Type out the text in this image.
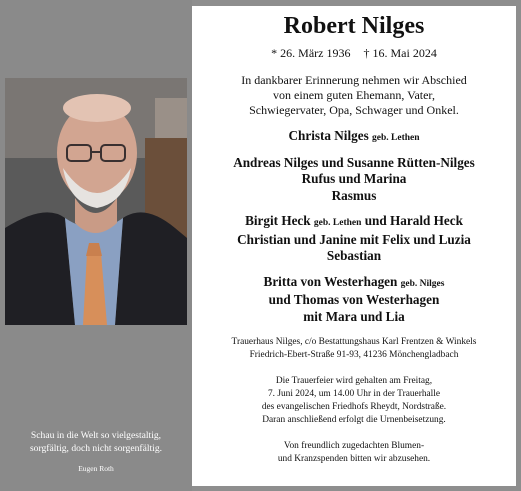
Schau in die Welt so vielgestaltig,
sorgfältig, doch nicht sorgenfältig.
Eugen Roth
Robert Nilges
* 26. März 1936 † 16. Mai 2024
In dankbarer Erinnerung nehmen wir Abschied
von einem guten Ehemann, Vater,
Schwiegervater, Opa, Schwager und Onkel.
Christa Nilges geb. Lethen
Andreas Nilges und Susanne Rütten-Nilges
Rufus und Marina
Rasmus
Birgit Heck geb. Lethen und Harald Heck
Christian und Janine mit Felix und Luzia
Sebastian
Britta von Westerhagen geb. Nilges
und Thomas von Westerhagen
mit Mara und Lia
Trauerhaus Nilges, c/o Bestattungshaus Karl Frentzen & Winkels
Friedrich-Ebert-Straße 91-93, 41236 Mönchengladbach
Die Trauerfeier wird gehalten am Freitag,
7. Juni 2024, um 14.00 Uhr in der Trauerhalle
des evangelischen Friedhofs Rheydt, Nordstraße.
Daran anschließend erfolgt die Urnenbeisetzung.
Von freundlich zugedachten Blumen-
und Kranzspenden bitten wir abzusehen.
